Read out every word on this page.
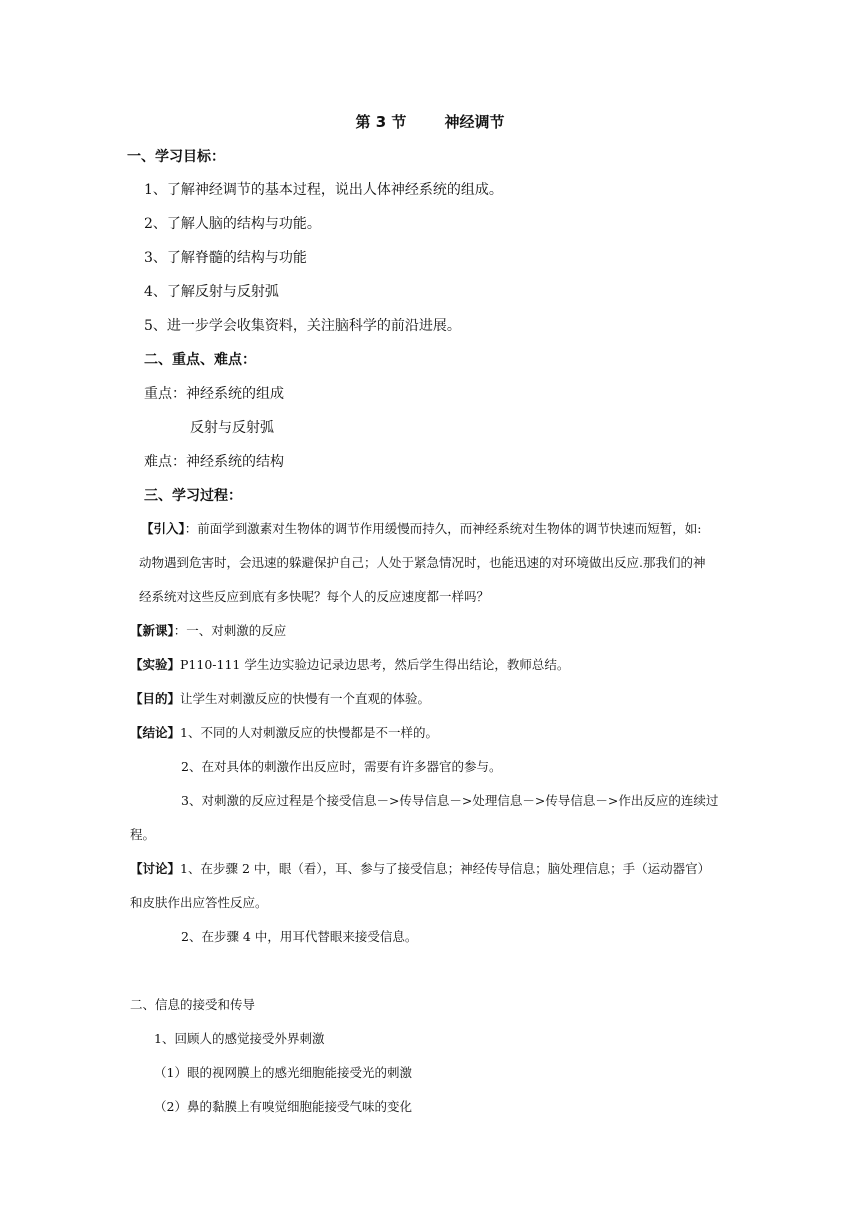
第 3 节	神经调节

一、学习目标：

1、了解神经调节的基本过程，说出人体神经系统的组成。

2、了解人脑的结构与功能。

3、了解脊髓的结构与功能

4、了解反射与反射弧

5、进一步学会收集资料，关注脑科学的前沿进展。

二、重点、难点：

重点：神经系统的组成

反射与反射弧

难点：神经系统的结构

三、学习过程：

【引入】：前面学到激素对生物体的调节作用缓慢而持久，而神经系统对生物体的调节快速而短暂，如:

动物遇到危害时，会迅速的躲避保护自己；人处于紧急情况时，也能迅速的对环境做出反应.那我们的神

经系统对这些反应到底有多快呢？每个人的反应速度都一样吗？

【新课】：一、对刺激的反应

【实验】P110-111 学生边实验边记录边思考，然后学生得出结论，教师总结。

【目的】让学生对刺激反应的快慢有一个直观的体验。

【结论】1、不同的人对刺激反应的快慢都是不一样的。

2、在对具体的刺激作出反应时，需要有许多器官的参与。

3、对刺激的反应过程是个接受信息－>传导信息－>处理信息－>传导信息－>作出反应的连续过

程。

【讨论】1、在步骤 2 中，眼（看），耳、参与了接受信息；神经传导信息；脑处理信息；手（运动器官）

和皮肤作出应答性反应。

2、在步骤 4 中，用耳代替眼来接受信息。

二、信息的接受和传导

1、回顾人的感觉接受外界刺激

（1）眼的视网膜上的感光细胞能接受光的刺激

（2）鼻的黏膜上有嗅觉细胞能接受气味的变化
